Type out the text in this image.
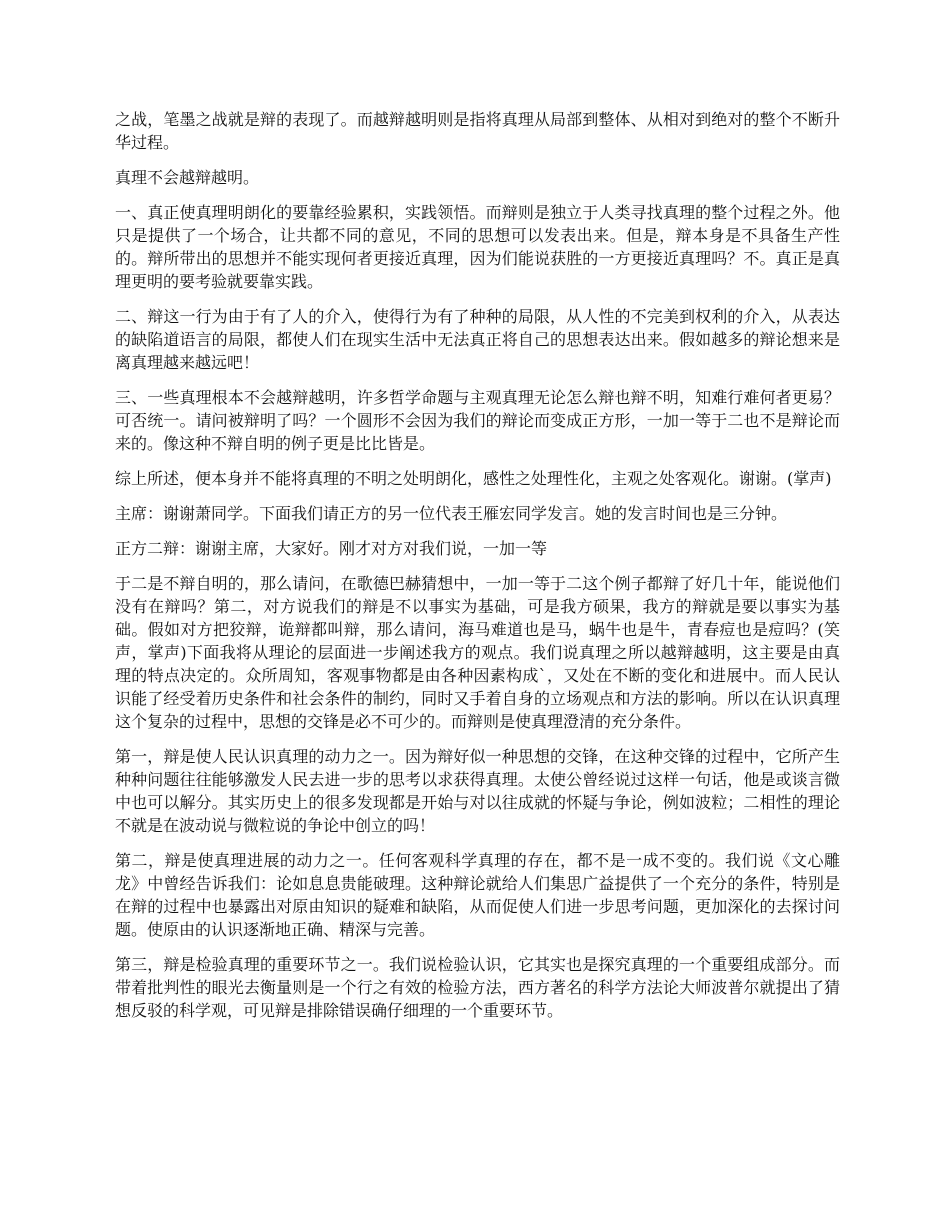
之战，笔墨之战就是辩的表现了。而越辩越明则是指将真理从局部到整体、从相对到绝对的整个不断升华过程。

真理不会越辩越明。

一、真正使真理明朗化的要靠经验累积，实践领悟。而辩则是独立于人类寻找真理的整个过程之外。他只是提供了一个场合，让共都不同的意见，不同的思想可以发表出来。但是，辩本身是不具备生产性的。辩所带出的思想并不能实现何者更接近真理，因为们能说获胜的一方更接近真理吗？不。真正是真理更明的要考验就要靠实践。

二、辩这一行为由于有了人的介入，使得行为有了种种的局限，从人性的不完美到权利的介入，从表达的缺陷道语言的局限，都使人们在现实生活中无法真正将自己的思想表达出来。假如越多的辩论想来是离真理越来越远吧！

三、一些真理根本不会越辩越明，许多哲学命题与主观真理无论怎么辩也辩不明，知难行难何者更易？可否统一。请问被辩明了吗？一个圆形不会因为我们的辩论而变成正方形，一加一等于二也不是辩论而来的。像这种不辩自明的例子更是比比皆是。

综上所述，便本身并不能将真理的不明之处明朗化，感性之处理性化，主观之处客观化。谢谢。(掌声)

主席：谢谢萧同学。下面我们请正方的另一位代表王雁宏同学发言。她的发言时间也是三分钟。

正方二辩：谢谢主席，大家好。刚才对方对我们说，一加一等

于二是不辩自明的，那么请问，在歌德巴赫猜想中，一加一等于二这个例子都辩了好几十年，能说他们没有在辩吗？第二，对方说我们的辩是不以事实为基础，可是我方硕果，我方的辩就是要以事实为基础。假如对方把狡辩，诡辩都叫辩，那么请问，海马难道也是马，蜗牛也是牛，青春痘也是痘吗？(笑声，掌声)下面我将从理论的层面进一步阐述我方的观点。我们说真理之所以越辩越明，这主要是由真理的特点决定的。众所周知，客观事物都是由各种因素构成`，又处在不断的变化和进展中。而人民认识能了经受着历史条件和社会条件的制约，同时又手着自身的立场观点和方法的影响。所以在认识真理这个复杂的过程中，思想的交锋是必不可少的。而辩则是使真理澄清的充分条件。

第一，辩是使人民认识真理的动力之一。因为辩好似一种思想的交锋，在这种交锋的过程中，它所产生种种问题往往能够激发人民去进一步的思考以求获得真理。太使公曾经说过这样一句话，他是或谈言微中也可以解分。其实历史上的很多发现都是开始与对以往成就的怀疑与争论，例如波粒；二相性的理论不就是在波动说与微粒说的争论中创立的吗！

第二，辩是使真理进展的动力之一。任何客观科学真理的存在，都不是一成不变的。我们说《文心雕龙》中曾经告诉我们：论如息息贵能破理。这种辩论就给人们集思广益提供了一个充分的条件，特别是在辩的过程中也暴露出对原由知识的疑难和缺陷，从而促使人们进一步思考问题，更加深化的去探讨问题。使原由的认识逐渐地正确、精深与完善。

第三，辩是检验真理的重要环节之一。我们说检验认识，它其实也是探究真理的一个重要组成部分。而带着批判性的眼光去衡量则是一个行之有效的检验方法，西方著名的科学方法论大师波普尔就提出了猜想反驳的科学观，可见辩是排除错误确仔细理的一个重要环节。
